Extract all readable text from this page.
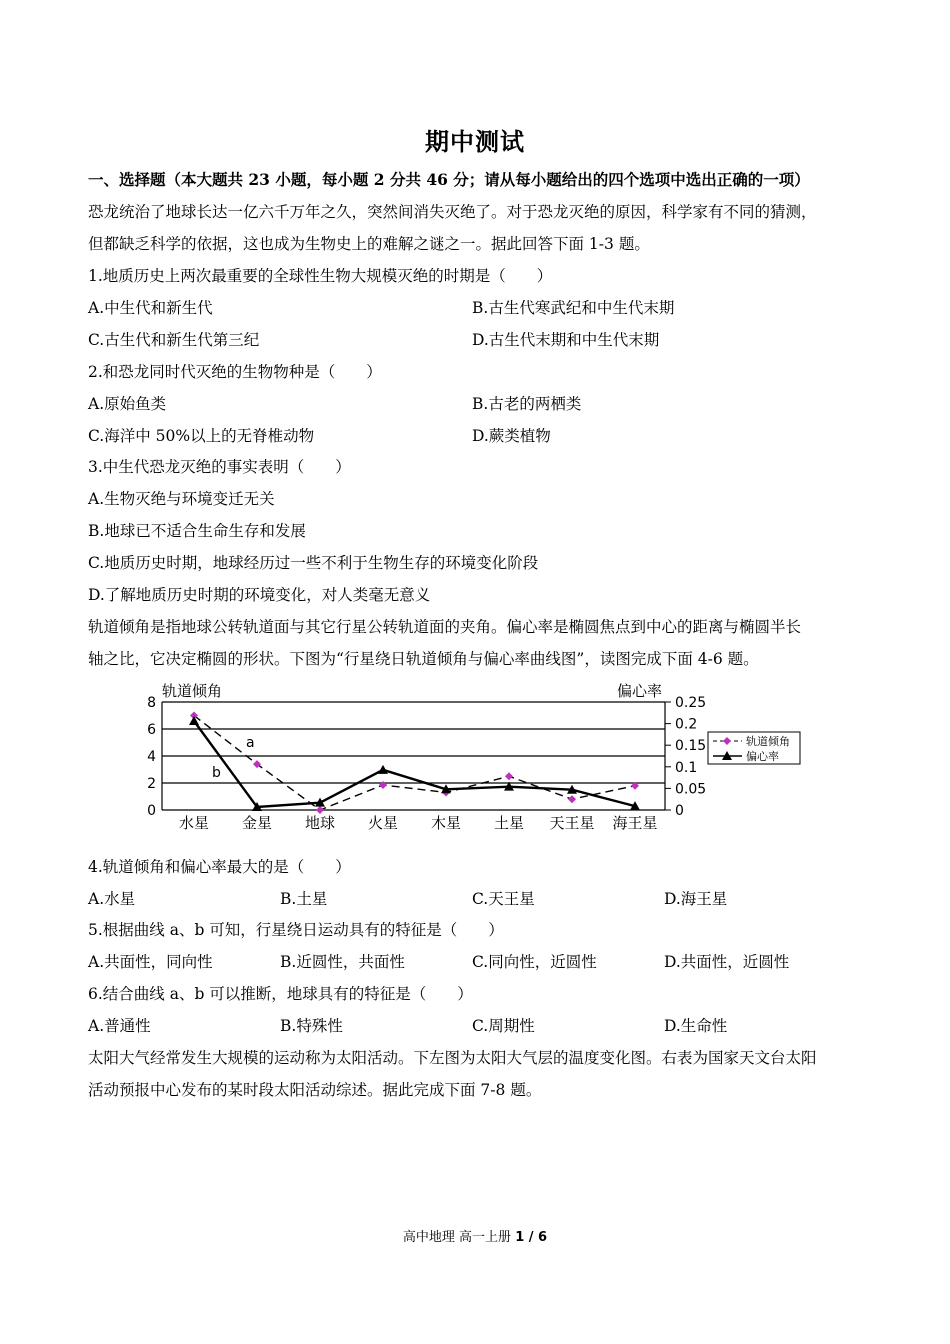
期中测试
一、选择题（本大题共 23 小题，每小题 2 分共 46 分；请从每小题给出的四个选项中选出正确的一项）
恐龙统治了地球长达一亿六千万年之久，突然间消失灭绝了。对于恐龙灭绝的原因，科学家有不同的猜测，
但都缺乏科学的依据，这也成为生物史上的难解之谜之一。据此回答下面 1-3 题。
1.地质历史上两次最重要的全球性生物大规模灭绝的时期是（　　）
A.中生代和新生代	B.古生代寒武纪和中生代末期
C.古生代和新生代第三纪	D.古生代末期和中生代末期
2.和恐龙同时代灭绝的生物物种是（　　）
A.原始鱼类	B.古老的两栖类
C.海洋中 50%以上的无脊椎动物	D.蕨类植物
3.中生代恐龙灭绝的事实表明（　　）
A.生物灭绝与环境变迁无关
B.地球已不适合生命生存和发展
C.地质历史时期，地球经历过一些不利于生物生存的环境变化阶段
D.了解地质历史时期的环境变化，对人类毫无意义
轨道倾角是指地球公转轨道面与其它行星公转轨道面的夹角。偏心率是椭圆焦点到中心的距离与椭圆半长
轴之比，它决定椭圆的形状。下图为“行星绕日轨道倾角与偏心率曲线图”，读图完成下面 4-6 题。
0
2
4
6
8
0
0.05
0.1
0.15
0.2
0.25
轨道倾角	偏心率
水星 金星 地球 火星 木星 土星 天王星 海王星
a
b
轨道倾角
偏心率
4.轨道倾角和偏心率最大的是（　　）
A.水星	B.土星	C.天王星	D.海王星
5.根据曲线 a、b 可知，行星绕日运动具有的特征是（　　）
A.共面性，同向性	B.近圆性，共面性	C.同向性，近圆性	D.共面性，近圆性
6.结合曲线 a、b 可以推断，地球具有的特征是（　　）
A.普通性	B.特殊性	C.周期性	D.生命性
太阳大气经常发生大规模的运动称为太阳活动。下左图为太阳大气层的温度变化图。右表为国家天文台太阳
活动预报中心发布的某时段太阳活动综述。据此完成下面 7-8 题。
高中地理 高一上册 1 / 6
